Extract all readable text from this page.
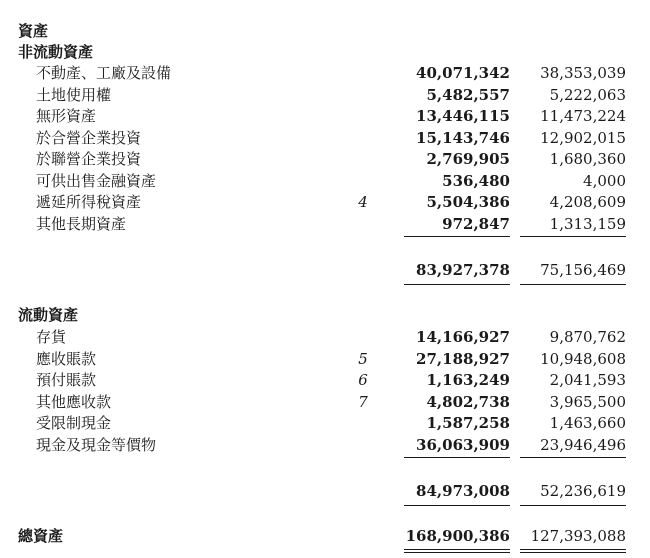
資產
非流動資產
不動產、工廠及設備	40,071,342 38,353,039
土地使用權	5,482,557	5,222,063
無形資產	13,446,115 11,473,224
於合營企業投資	15,143,746 12,902,015
於聯營企業投資	2,769,905	1,680,360
可供出售金融資產	536,480	4,000
遞延所得稅資產	4	5,504,386	4,208,609
其他長期資產	972,847	1,313,159
83,927,378 75,156,469
流動資產
存貨	14,166,927	9,870,762
應收賬款	5	27,188,927 10,948,608
預付賬款	6	1,163,249	2,041,593
其他應收款	7	4,802,738	3,965,500
受限制現金	1,587,258	1,463,660
現金及現金等價物	36,063,909 23,946,496
84,973,008 52,236,619
總資產	168,900,386 127,393,088
